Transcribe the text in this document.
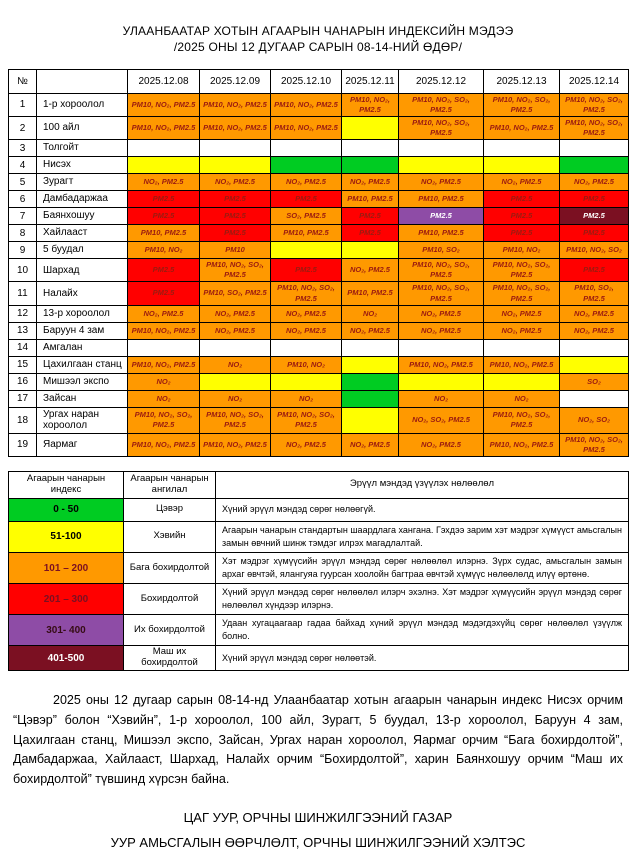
УЛААНБААТАР ХОТЫН АГААРЫН ЧАНАРЫН ИНДЕКСИЙН МЭДЭЭ
/2025 ОНЫ 12 ДУГААР САРЫН 08-14-НИЙ ӨДӨР/
№		2025.12.08	2025.12.09	2025.12.10	2025.12.11	2025.12.12	2025.12.13	2025.12.14
1	1-р хороолол	PM10, NO₂, PM2.5	PM10, NO₂, PM2.5	PM10, NO₂, PM2.5	PM10, NO₂, PM2.5	PM10, NO₂, SO₂, PM2.5	PM10, NO₂, SO₂, PM2.5	PM10, NO₂, SO₂, PM2.5
2	100 айл	PM10, NO₂, PM2.5	PM10, NO₂, PM2.5	PM10, NO₂, PM2.5		PM10, NO₂, SO₂, PM2.5	PM10, NO₂, PM2.5	PM10, NO₂, SO₂, PM2.5
3	Толгойт							
4	Нисэх							
5	Зурагт	NO₂, PM2.5	NO₂, PM2.5	NO₂, PM2.5	NO₂, PM2.5	NO₂, PM2.5	NO₂, PM2.5	NO₂, PM2.5
6	Дамбадаржаа	PM2.5	PM2.5	PM2.5	PM10, PM2.5	PM10, PM2.5	PM2.5	PM2.5
7	Баянхошуу	PM2.5	PM2.5	SO₂, PM2.5	PM2.5	PM2.5	PM2.5	PM2.5
8	Хайлааст	PM10, PM2.5	PM2.5	PM10, PM2.5	PM2.5	PM10, PM2.5	PM2.5	PM2.5
9	5 буудал	PM10, NO₂	PM10			PM10, SO₂	PM10, NO₂	PM10, NO₂, SO₂
10	Шархад	PM2.5	PM10, NO₂, SO₂, PM2.5	PM2.5	NO₂, PM2.5	PM10, NO₂, SO₂, PM2.5	PM10, NO₂, SO₂, PM2.5	PM2.5
11	Налайх	PM2.5	PM10, SO₂, PM2.5	PM10, NO₂, SO₂, PM2.5	PM10, PM2.5	PM10, NO₂, SO₂, PM2.5	PM10, NO₂, SO₂, PM2.5	PM10, SO₂, PM2.5
12	13-р хороолол	NO₂, PM2.5	NO₂, PM2.5	NO₂, PM2.5	NO₂	NO₂, PM2.5	NO₂, PM2.5	NO₂, PM2.5
13	Баруун 4 зам	PM10, NO₂, PM2.5	NO₂, PM2.5	NO₂, PM2.5	NO₂, PM2.5	NO₂, PM2.5	NO₂, PM2.5	NO₂, PM2.5
14	Амгалан							
15	Цахилгаан станц	PM10, NO₂, PM2.5	NO₂	PM10, NO₂		PM10, NO₂, PM2.5	PM10, NO₂, PM2.5	
16	Мишээл экспо	NO₂						SO₂
17	Зайсан	NO₂	NO₂	NO₂		NO₂	NO₂	
18	Ургах наран хороолол	PM10, NO₂, SO₂, PM2.5	PM10, NO₂, SO₂, PM2.5	PM10, NO₂, SO₂, PM2.5		NO₂, SO₂, PM2.5	PM10, NO₂, SO₂, PM2.5	NO₂, SO₂
19	Яармаг	PM10, NO₂, PM2.5	PM10, NO₂, PM2.5	NO₂, PM2.5	NO₂, PM2.5	NO₂, PM2.5	PM10, NO₂, PM2.5	PM10, NO₂, SO₂, PM2.5
Агаарын чанарын индекс	Агаарын чанарын ангилал	Эрүүл мэндэд үзүүлэх нөлөөлөл
0 - 50	Цэвэр	Хүний эрүүл мэндэд сөрөг нөлөөгүй.
51-100	Хэвийн	Агаарын чанарын стандартын шаардлага хангана. Гэхдээ зарим хэт мэдрэг хүмүүст амьсгалын замын өвчний шинж тэмдэг илрэх магадлалтай.
101 – 200	Бага бохирдолтой	Хэт мэдрэг хүмүүсийн эрүүл мэндэд сөрөг нөлөөлөл илэрнэ. Зүрх судас, амьсгалын замын архаг өвчтэй, ялангуяа гуурсан хоолойн багтраа өвчтэй хүмүүс нөлөөлөлд илүү өртөнө.
201 – 300	Бохирдолтой	Хүний эрүүл мэндэд сөрөг нөлөөлөл илэрч эхэлнэ. Хэт мэдрэг хүмүүсийн эрүүл мэндэд сөрөг нөлөөлөл хүндээр илэрнэ.
301- 400	Их бохирдолтой	Удаан хугацаагаар гадаа байхад хүний эрүүл мэндэд мэдэгдэхүйц сөрөг нөлөөлөл үзүүлж болно.
401-500	Маш их бохирдолтой	Хүний эрүүл мэндэд сөрөг нөлөөтэй.

2025 оны 12 дугаар сарын 08-14-нд Улаанбаатар хотын агаарын чанарын индекс Нисэх орчим “Цэвэр” болон “Хэвийн”, 1-р хороолол, 100 айл, Зурагт, 5 буудал, 13-р хороолол, Баруун 4 зам, Цахилгаан станц, Мишээл экспо, Зайсан, Ургах наран хороолол, Яармаг орчим “Бага бохирдолтой”, Дамбадаржаа, Хайлааст, Шархад, Налайх орчим “Бохирдолтой”, харин Баянхошуу орчим “Маш их бохирдолтой” түвшинд хүрсэн байна.

ЦАГ УУР, ОРЧНЫ ШИНЖИЛГЭЭНИЙ ГАЗАР
УУР АМЬСГАЛЫН ӨӨРЧЛӨЛТ, ОРЧНЫ ШИНЖИЛГЭЭНИЙ ХЭЛТЭС
